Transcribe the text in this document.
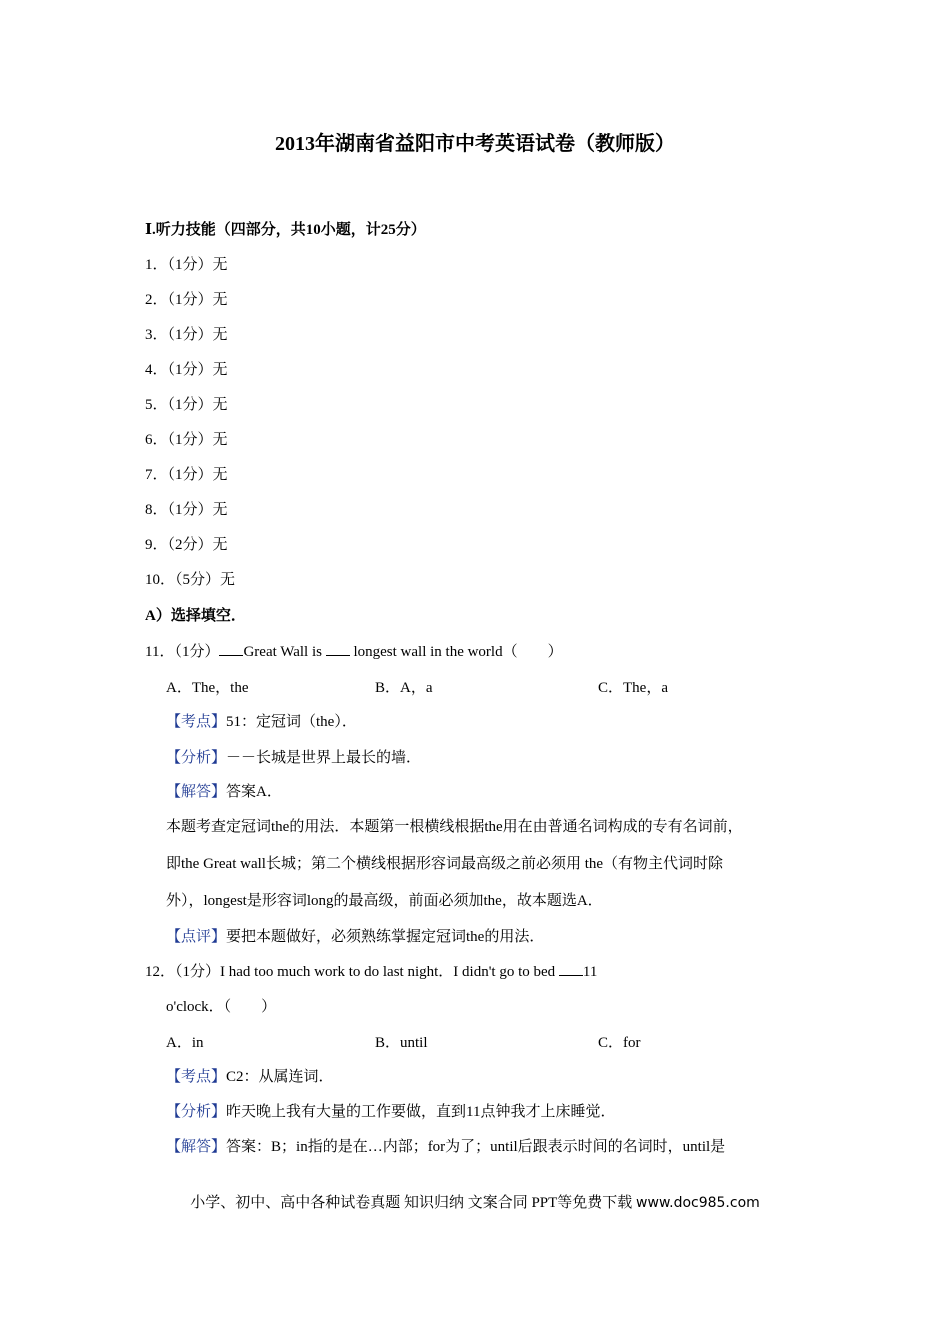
2013年湖南省益阳市中考英语试卷（教师版）
Ⅰ.听力技能（四部分，共10小题，计25分）
1．（1分）无
2．（1分）无
3．（1分）无
4．（1分）无
5．（1分）无
6．（1分）无
7．（1分）无
8．（1分）无
9．（2分）无
10．（5分）无
A）选择填空．
11．（1分） Great Wall is  longest wall in the world（　　）
A．The，the	B．A，a	C．The，a
【考点】51：定冠词（the）．
【分析】－－长城是世界上最长的墙．
【解答】答案A．
本题考查定冠词the的用法．本题第一根横线根据the用在由普通名词构成的专有名词前，
即the Great wall长城；第二个横线根据形容词最高级之前必须用 the（有物主代词时除
外），longest是形容词long的最高级，前面必须加the，故本题选A．
【点评】要把本题做好，必须熟练掌握定冠词the的用法．
12．（1分）I had too much work to do last night．I didn't go to bed 11
o'clock．（　　）
A．in	B．until	C．for
【考点】C2：从属连词．
【分析】昨天晚上我有大量的工作要做，直到11点钟我才上床睡觉．
【解答】答案：B；in指的是在…内部；for为了；until后跟表示时间的名词时，until是
小学、初中、高中各种试卷真题 知识归纳 文案合同 PPT等免费下载 www.doc985.com
